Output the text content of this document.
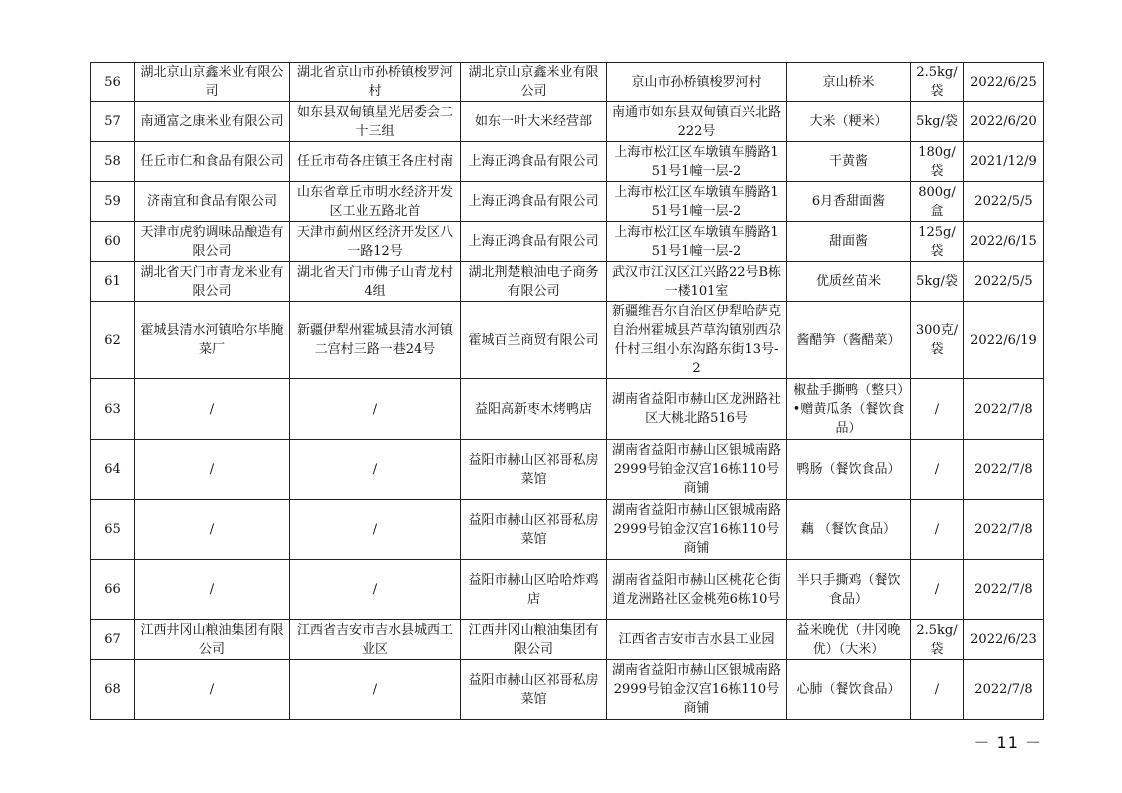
56	湖北京山京鑫米业有限公司	湖北省京山市孙桥镇梭罗河村	湖北京山京鑫米业有限公司	京山市孙桥镇梭罗河村	京山桥米	2.5kg/袋	2022/6/25
57	南通富之康米业有限公司	如东县双甸镇星光居委会二十三组	如东一叶大米经营部	南通市如东县双甸镇百兴北路222号	大米（粳米）	5kg/袋	2022/6/20
58	任丘市仁和食品有限公司	任丘市苟各庄镇王各庄村南	上海正鸿食品有限公司	上海市松江区车墩镇车腾路151号1幢一层-2	干黄酱	180g/袋	2021/12/9
59	济南宜和食品有限公司	山东省章丘市明水经济开发区工业五路北首	上海正鸿食品有限公司	上海市松江区车墩镇车腾路151号1幢一层-2	6月香甜面酱	800g/盒	2022/5/5
60	天津市虎豹调味品酿造有限公司	天津市蓟州区经济开发区八一路12号	上海正鸿食品有限公司	上海市松江区车墩镇车腾路151号1幢一层-2	甜面酱	125g/袋	2022/6/15
61	湖北省天门市青龙米业有限公司	湖北省天门市佛子山青龙村4组	湖北荆楚粮油电子商务有限公司	武汉市江汉区江兴路22号B栋一楼101室	优质丝苗米	5kg/袋	2022/5/5
62	霍城县清水河镇哈尔毕腌菜厂	新疆伊犁州霍城县清水河镇二宫村三路一巷24号	霍城百兰商贸有限公司	新疆维吾尔自治区伊犁哈萨克自治州霍城县芦草沟镇别西尕什村三组小东沟路东街13号-2	酱醋笋（酱醋菜）	300克/袋	2022/6/19
63	/	/	益阳高新枣木烤鸭店	湖南省益阳市赫山区龙洲路社区大桃北路516号	椒盐手撕鸭（整只）•赠黄瓜条（餐饮食品）	/	2022/7/8
64	/	/	益阳市赫山区祁哥私房菜馆	湖南省益阳市赫山区银城南路2999号铂金汉宫16栋110号商铺	鸭肠（餐饮食品）	/	2022/7/8
65	/	/	益阳市赫山区祁哥私房菜馆	湖南省益阳市赫山区银城南路2999号铂金汉宫16栋110号商铺	藕 （餐饮食品）	/	2022/7/8
66	/	/	益阳市赫山区哈哈炸鸡店	湖南省益阳市赫山区桃花仑街道龙洲路社区金桃苑6栋10号	半只手撕鸡（餐饮食品）	/	2022/7/8
67	江西井冈山粮油集团有限公司	江西省吉安市吉水县城西工业区	江西井冈山粮油集团有限公司	江西省吉安市吉水县工业园	益米晚优（井冈晚优）（大米）	2.5kg/袋	2022/6/23
68	/	/	益阳市赫山区祁哥私房菜馆	湖南省益阳市赫山区银城南路2999号铂金汉宫16栋110号商铺	心肺（餐饮食品）	/	2022/7/8
－ 11 －
